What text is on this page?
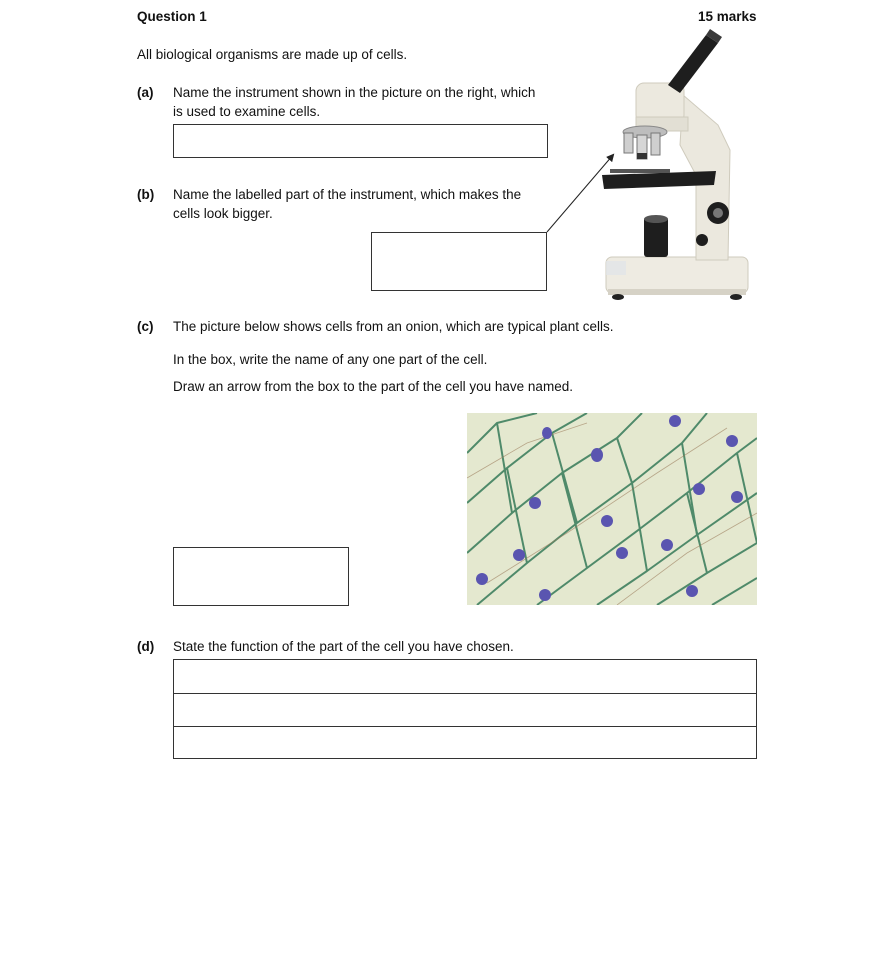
Question 1	15 marks
All biological organisms are made up of cells.
(a) Name the instrument shown in the picture on the right, which
is used to examine cells.
(b) Name the labelled part of the instrument, which makes the
cells look bigger.
(c) The picture below shows cells from an onion, which are typical plant cells.
In the box, write the name of any one part of the cell.
Draw an arrow from the box to the part of the cell you have named.
(d) State the function of the part of the cell you have chosen.
